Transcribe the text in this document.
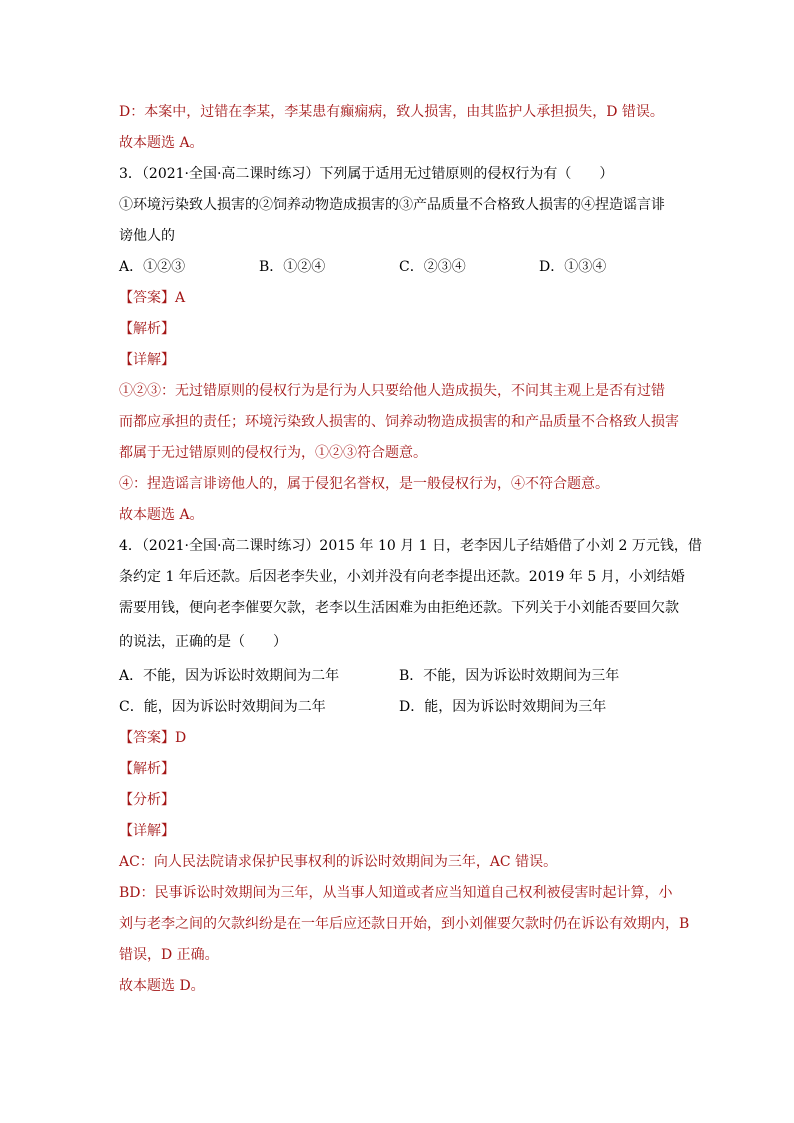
D：本案中，过错在李某，李某患有癫痫病，致人损害，由其监护人承担损失，D 错误。
故本题选 A。
3．（2021·全国·高二课时练习）下列属于适用无过错原则的侵权行为有（　　）
①环境污染致人损害的②饲养动物造成损害的③产品质量不合格致人损害的④捏造谣言诽
谤他人的
A．①②③	B．①②④	C．②③④	D．①③④
【答案】A
【解析】
【详解】
①②③：无过错原则的侵权行为是行为人只要给他人造成损失，不问其主观上是否有过错
而都应承担的责任；环境污染致人损害的、饲养动物造成损害的和产品质量不合格致人损害
都属于无过错原则的侵权行为，①②③符合题意。
④：捏造谣言诽谤他人的，属于侵犯名誉权，是一般侵权行为，④不符合题意。
故本题选 A。
4．（2021·全国·高二课时练习）2015 年 10 月 1 日，老李因儿子结婚借了小刘 2 万元钱，借
条约定 1 年后还款。后因老李失业，小刘并没有向老李提出还款。2019 年 5 月，小刘结婚
需要用钱，便向老李催要欠款，老李以生活困难为由拒绝还款。下列关于小刘能否要回欠款
的说法，正确的是（　　）
A．不能，因为诉讼时效期间为二年	B．不能，因为诉讼时效期间为三年
C．能，因为诉讼时效期间为二年	D．能，因为诉讼时效期间为三年
【答案】D
【解析】
【分析】
【详解】
AC：向人民法院请求保护民事权利的诉讼时效期间为三年，AC 错误。
BD：民事诉讼时效期间为三年，从当事人知道或者应当知道自己权利被侵害时起计算，小
刘与老李之间的欠款纠纷是在一年后应还款日开始，到小刘催要欠款时仍在诉讼有效期内，B
错误，D 正确。
故本题选 D。
